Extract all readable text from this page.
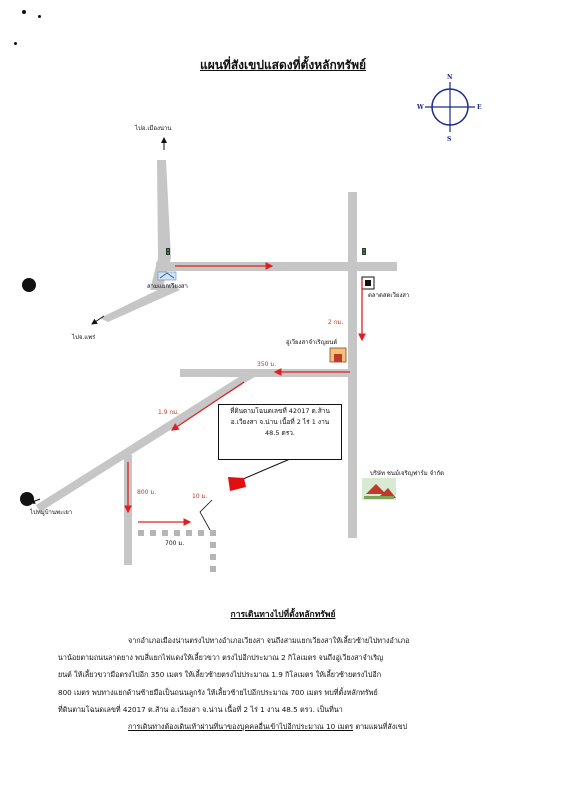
แผนที่สังเขปแสดงที่ตั้งหลักทรัพย์
N
S
E
W
ไปอ.เมืองน่าน
ไปจ.แพร่
ไปหมู่บ้านพะเยา
สามแยกเวียงสา
ตลาดสดเวียงสา
อู่เวียงสาจำเริญยนต์
บริษัท ชนม์เจริญฟาร์ม จำกัด
2 กม.
350 ม.
1.9 กม.
800 ม.
10 ม.
700 ม.
ที่ดินตามโฉนดเลขที่ 42017 ต.ส้าน
อ.เวียงสา จ.น่าน เนื้อที่ 2 ไร่ 1 งาน
48.5 ตรว.
การเดินทางไปที่ตั้งหลักทรัพย์

จากอำเภอเมืองน่านตรงไปทางอำเภอเวียงสา จนถึงสามแยกเวียงสาให้เลี้ยวซ้ายไปทางอำเภอ

นาน้อยตามถนนลาดยาง พบสี่แยกไฟแดงให้เลี้ยวขวา ตรงไปอีกประมาณ 2 กิโลเมตร จนถึงอู่เวียงสาจำเริญ

ยนต์ ให้เลี้ยวขวามือตรงไปอีก 350 เมตร ให้เลี้ยวซ้ายตรงไปประมาณ 1.9 กิโลเมตร ให้เลี้ยวซ้ายตรงไปอีก

800 เมตร พบทางแยกด้านซ้ายมือเป็นถนนลูกรัง ให้เลี้ยวซ้ายไปอีกประมาณ 700 เมตร พบที่ตั้งหลักทรัพย์

ที่ดินตามโฉนดเลขที่ 42017 ต.ส้าน อ.เวียงสา จ.น่าน เนื้อที่ 2 ไร่ 1 งาน 48.5 ตรว. เป็นที่นา

การเดินทางต้องเดินเท้าผ่านที่นาของบุคคลอื่นเข้าไปอีกประมาณ 10 เมตร ตามแผนที่สังเขป
